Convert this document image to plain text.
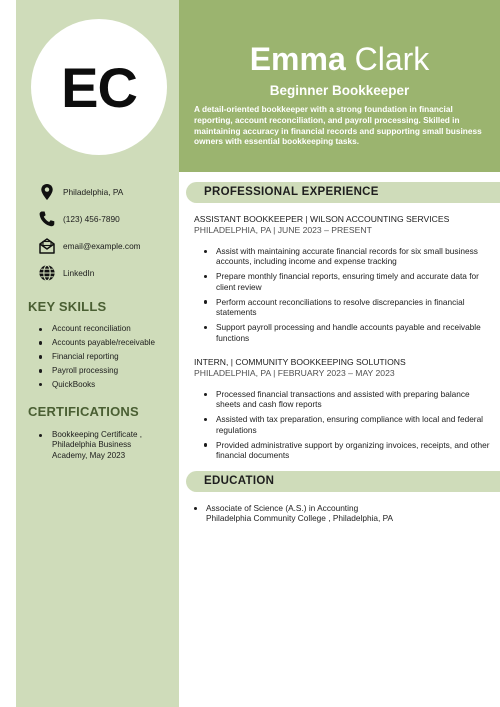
EC	Emma Clark
Beginner Bookkeeper
A detail-oriented bookkeeper with a strong foundation in financial reporting, account reconciliation, and payroll processing. Skilled in maintaining accuracy in financial records and supporting small business owners with essential bookkeeping tasks.
Philadelphia, PA
(123) 456-7890
email@example.com
LinkedIn
KEY SKILLS
Account reconciliation
Accounts payable/receivable
Financial reporting
Payroll processing
QuickBooks
CERTIFICATIONS
Bookkeeping Certificate , Philadelphia Business Academy, May 2023
PROFESSIONAL EXPERIENCE
ASSISTANT BOOKKEEPER | WILSON ACCOUNTING SERVICES
PHILADELPHIA, PA | JUNE 2023 – PRESENT
Assist with maintaining accurate financial records for six small business accounts, including income and expense tracking
Prepare monthly financial reports, ensuring timely and accurate data for client review
Perform account reconciliations to resolve discrepancies in financial statements
Support payroll processing and handle accounts payable and receivable functions
INTERN, | COMMUNITY BOOKKEEPING SOLUTIONS
PHILADELPHIA, PA | FEBRUARY 2023 – MAY 2023
Processed financial transactions and assisted with preparing balance sheets and cash flow reports
Assisted with tax preparation, ensuring compliance with local and federal regulations
Provided administrative support by organizing invoices, receipts, and other financial documents
EDUCATION
Associate of Science (A.S.) in Accounting
Philadelphia Community College , Philadelphia, PA
